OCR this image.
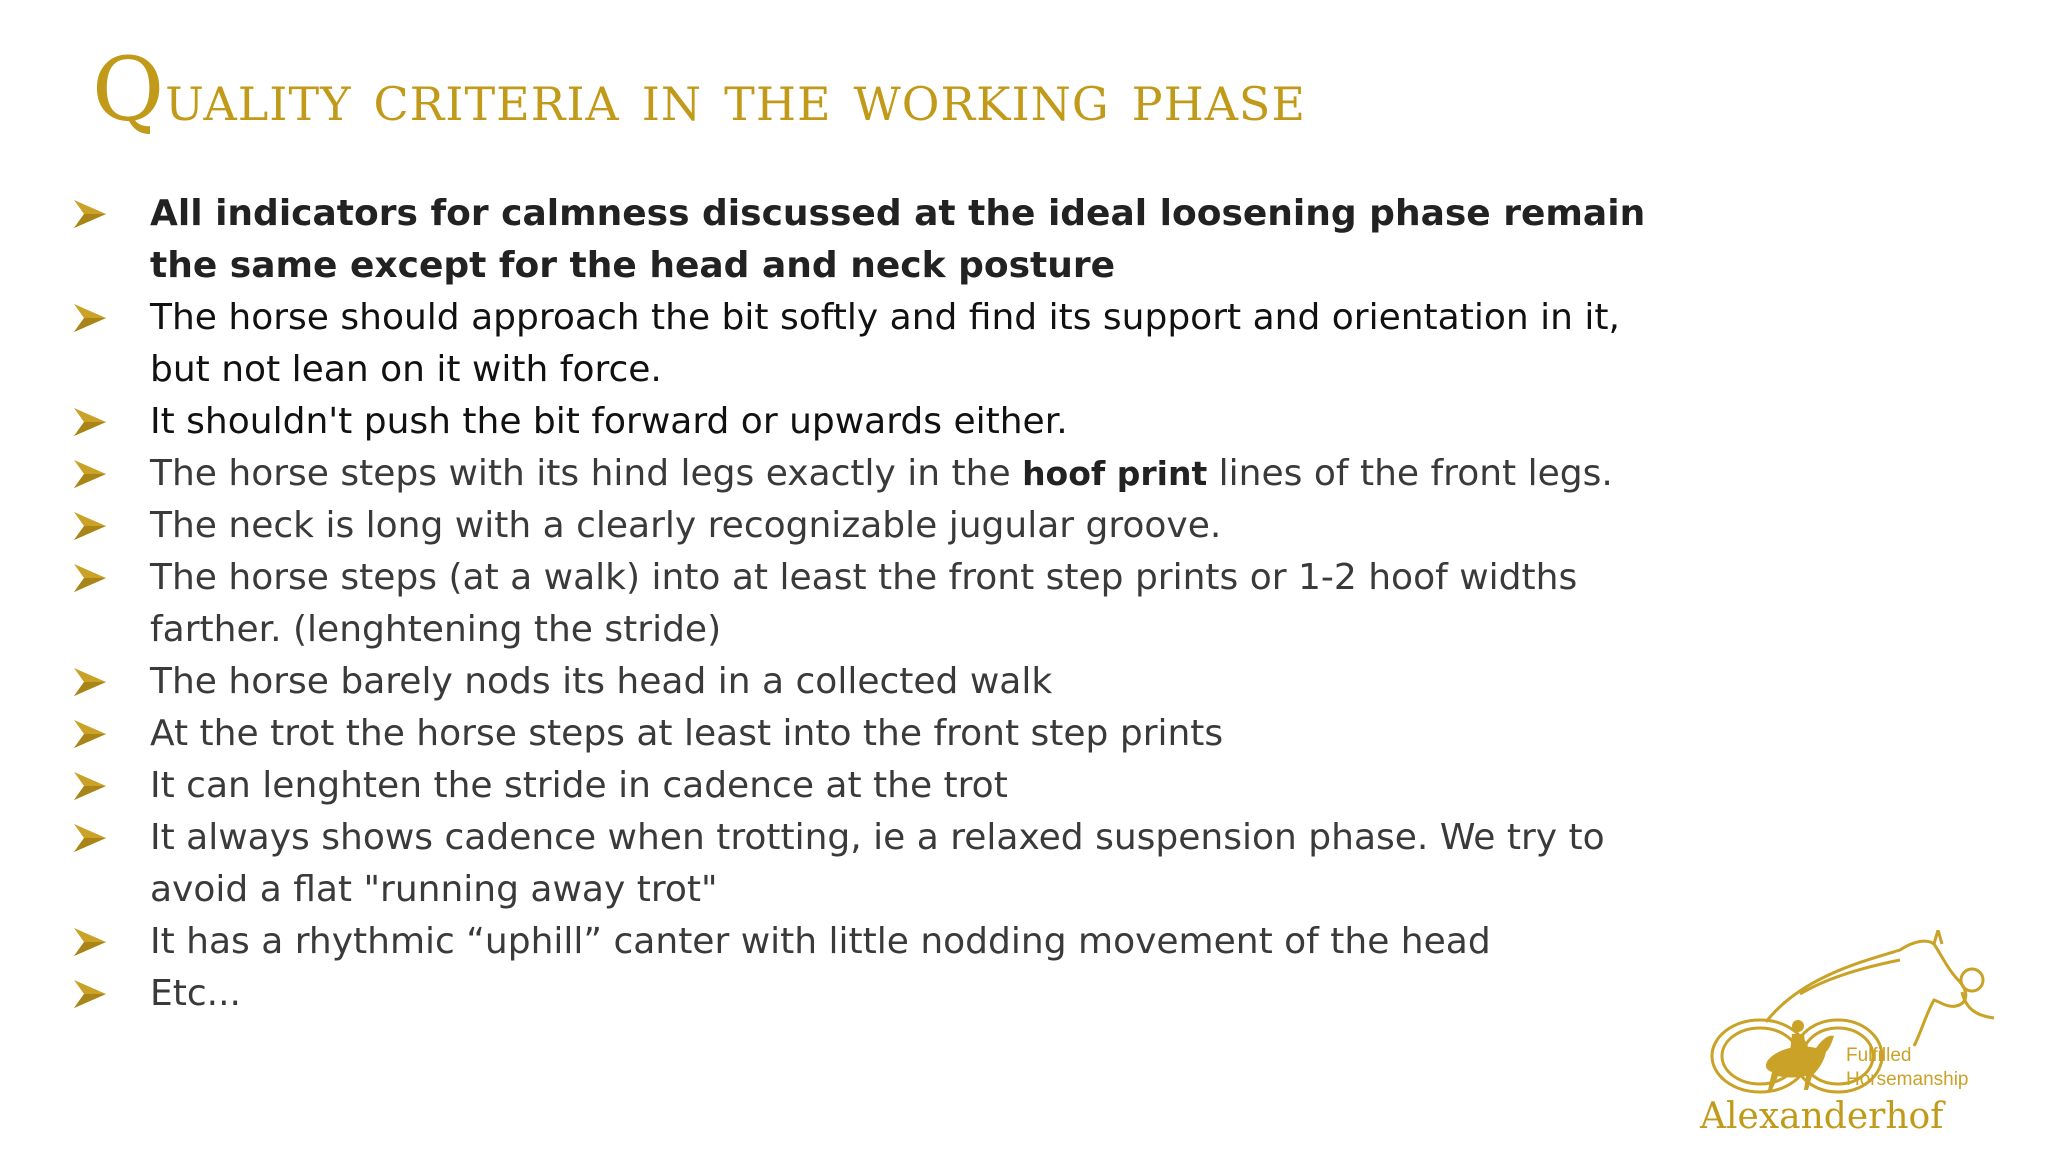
Quality criteria in the working phase
All indicators for calmness discussed at the ideal loosening phase remain the same except for the head and neck posture
The horse should approach the bit softly and find its support and orientation in it, but not lean on it with force.
It shouldn't push the bit forward or upwards either.
The horse steps with its hind legs exactly in the hoof print lines of the front legs.
The neck is long with a clearly recognizable jugular groove.
The horse steps (at a walk) into at least the front step prints or 1-2 hoof widths farther. (lenghtening the stride)
The horse barely nods its head in a collected walk
At the trot the horse steps at least into the front step prints
It can lenghten the stride in cadence at the trot
It always shows cadence when trotting, ie a relaxed suspension phase. We try to avoid a flat "running away trot"
It has a rhythmic “uphill” canter with little nodding movement of the head
Etc...
Fulfilled
Horsemanship
Alexanderhof
